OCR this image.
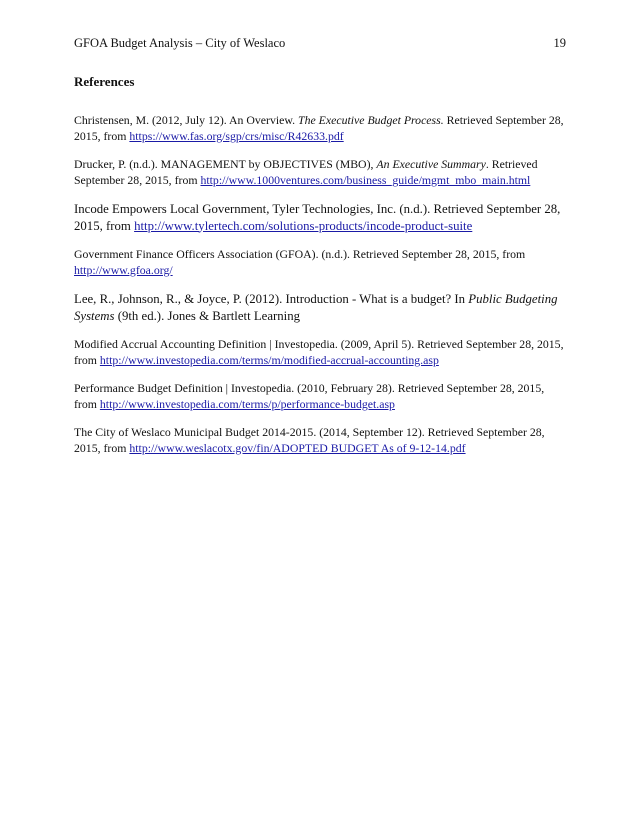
GFOA Budget Analysis – City of Weslaco	19
References
Christensen, M. (2012, July 12). An Overview. The Executive Budget Process. Retrieved September 28, 2015, from https://www.fas.org/sgp/crs/misc/R42633.pdf
Drucker, P. (n.d.). MANAGEMENT by OBJECTIVES (MBO), An Executive Summary. Retrieved September 28, 2015, from http://www.1000ventures.com/business_guide/mgmt_mbo_main.html
Incode Empowers Local Government, Tyler Technologies, Inc. (n.d.). Retrieved September 28, 2015, from http://www.tylertech.com/solutions-products/incode-product-suite
Government Finance Officers Association (GFOA). (n.d.). Retrieved September 28, 2015, from http://www.gfoa.org/
Lee, R., Johnson, R., & Joyce, P. (2012). Introduction - What is a budget? In Public Budgeting Systems (9th ed.). Jones & Bartlett Learning
Modified Accrual Accounting Definition | Investopedia. (2009, April 5). Retrieved September 28, 2015, from http://www.investopedia.com/terms/m/modified-accrual-accounting.asp
Performance Budget Definition | Investopedia. (2010, February 28). Retrieved September 28, 2015, from http://www.investopedia.com/terms/p/performance-budget.asp
The City of Weslaco Municipal Budget 2014-2015. (2014, September 12). Retrieved September 28, 2015, from http://www.weslacotx.gov/fin/ADOPTED BUDGET As of 9-12-14.pdf
